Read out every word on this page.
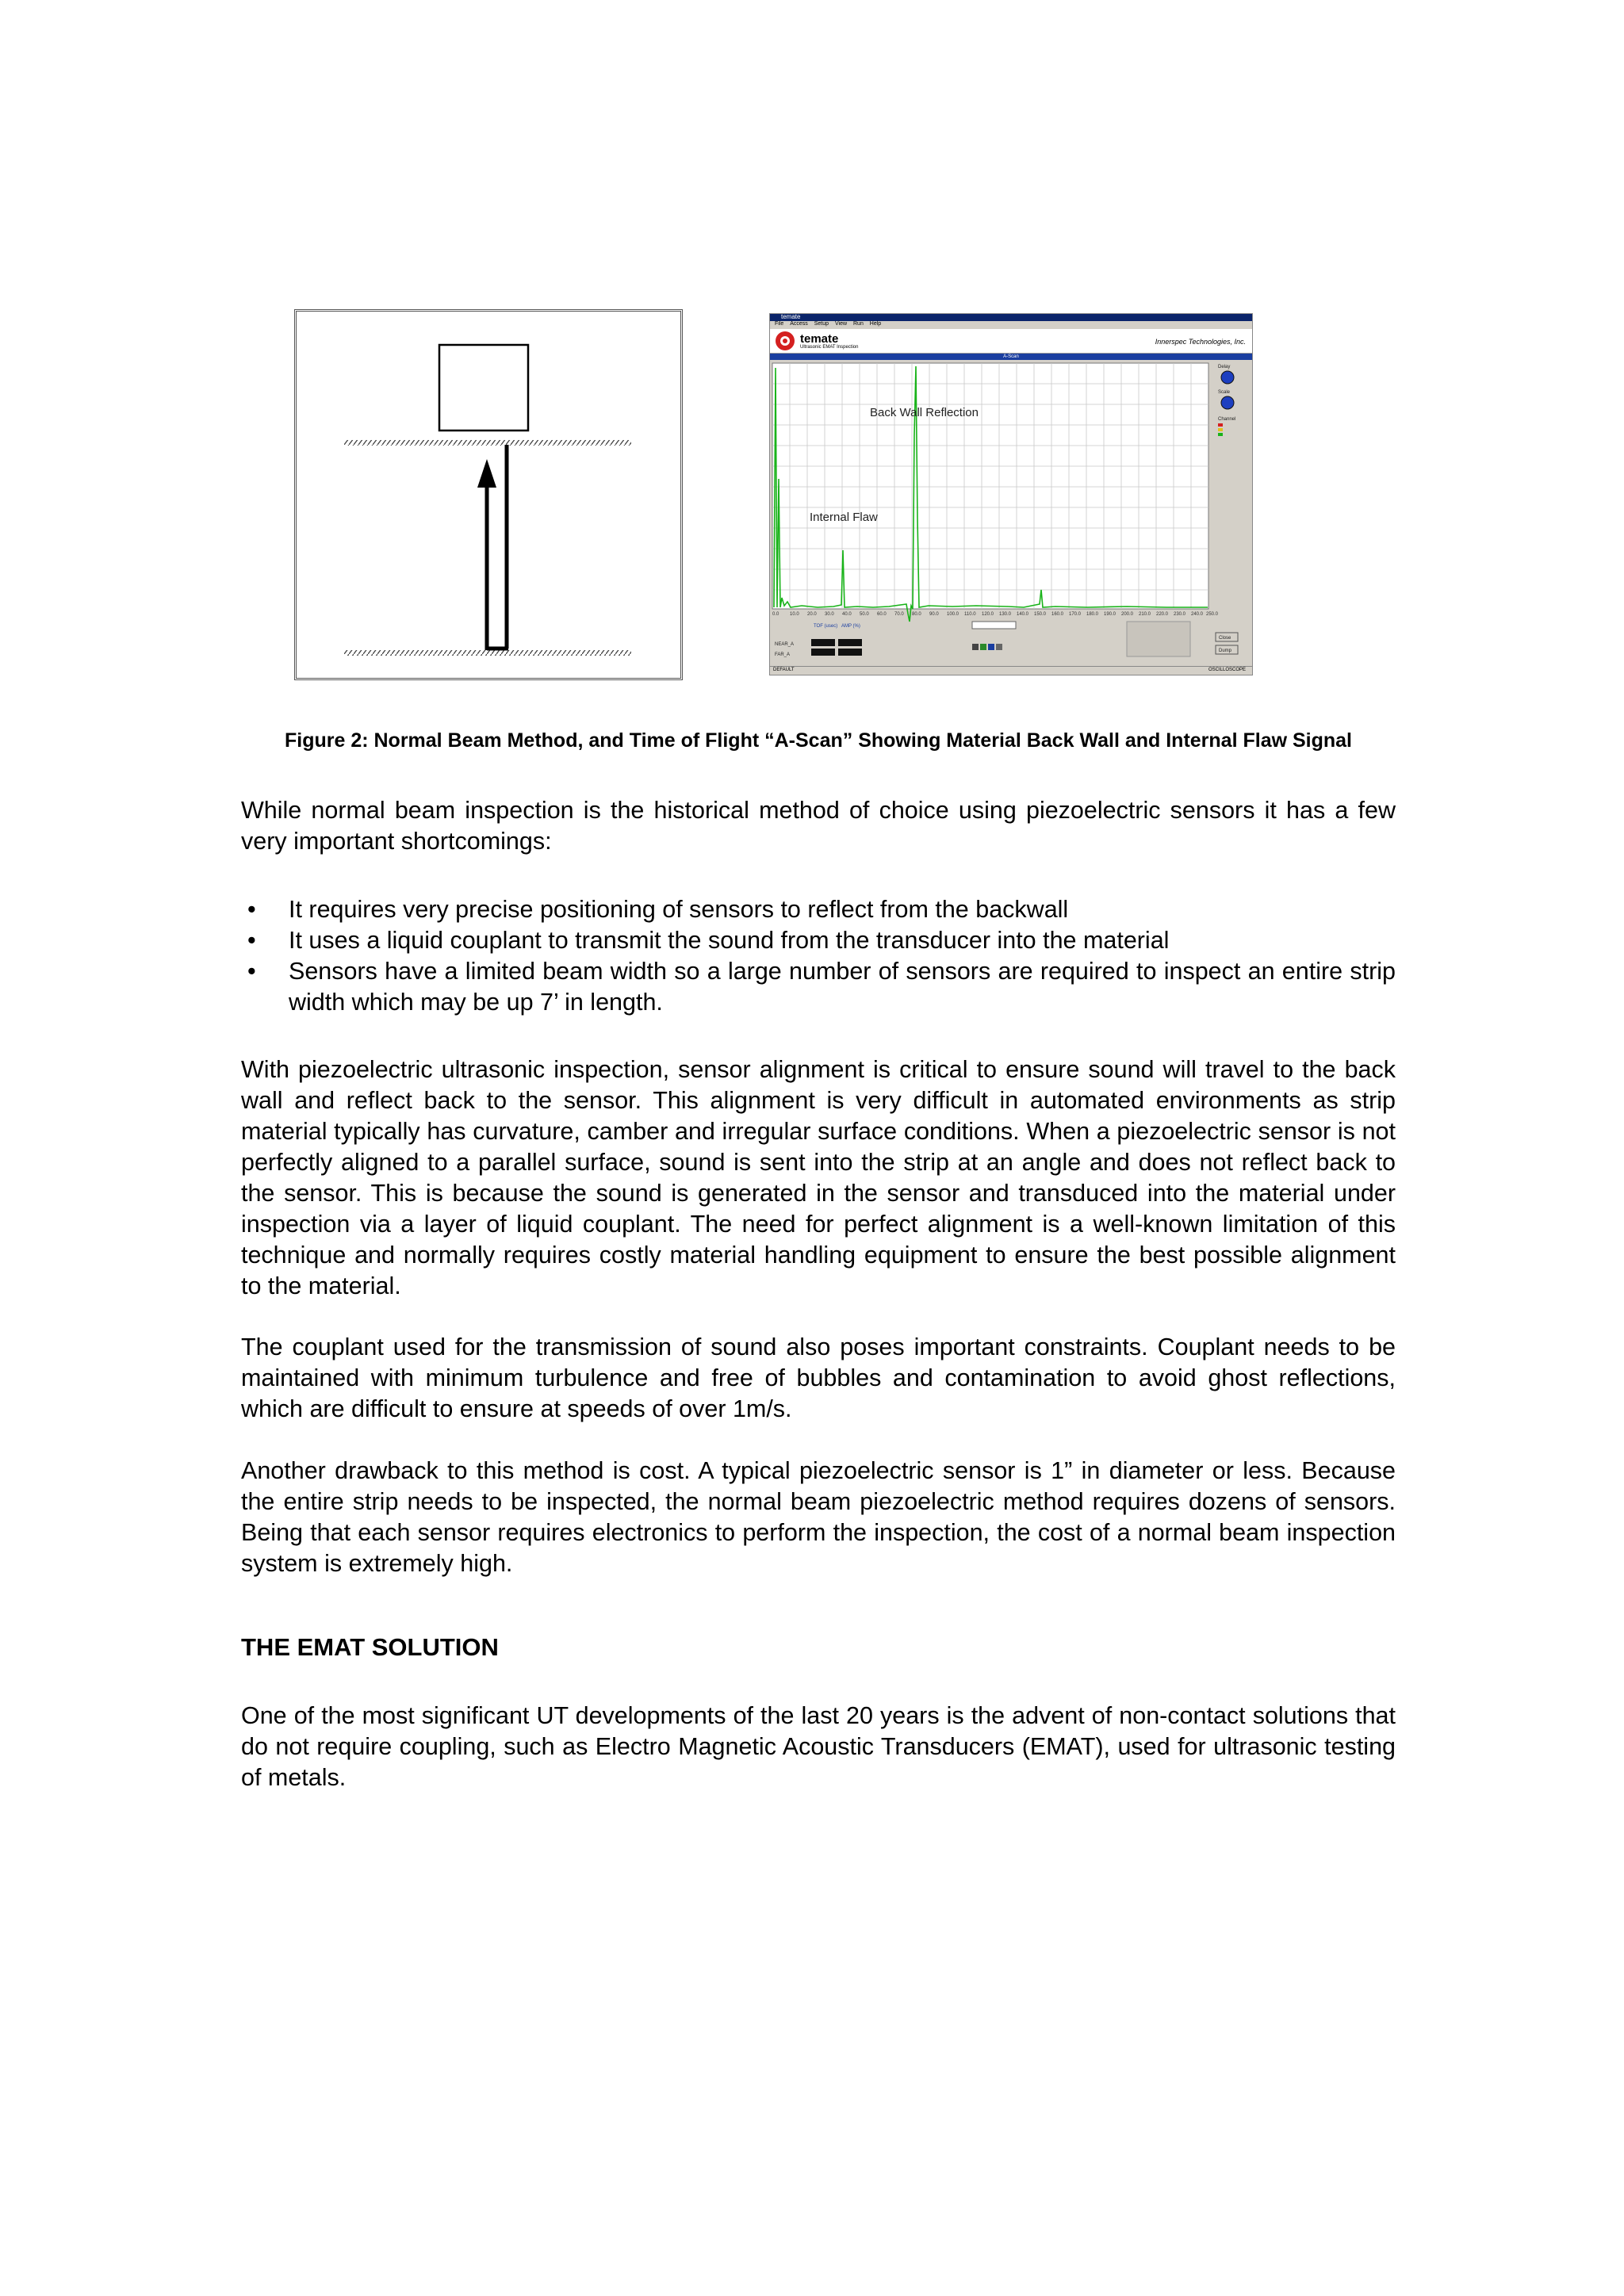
temate
File Access Setup View Run Help
temate
Ultrasonic EMAT Inspection
Innerspec Technologies, Inc.
A-Scan
Back Wall Reflection
Internal Flaw
0.0 10.0 20.0 30.0 40.0 50.0 60.0 70.0 80.0 90.0 100.0 110.0 120.0 130.0 140.0 150.0 160.0 170.0 180.0 190.0 200.0 210.0 220.0 230.0 240.0 250.0
Delay
Scale
Channel
NEAR_A
FAR_A
TOF (usec) AMP (%)
Close
Dump
DEFAULT	OSCILLOSCOPE
Figure 2: Normal Beam Method, and Time of Flight “A-Scan” Showing Material Back Wall and Internal Flaw Signal
While normal beam inspection is the historical method of choice using piezoelectric sensors it has a few very important shortcomings:
• It requires very precise positioning of sensors to reflect from the backwall
• It uses a liquid couplant to transmit the sound from the transducer into the material
• Sensors have a limited beam width so a large number of sensors are required to inspect an entire strip width which may be up 7’ in length.
With piezoelectric ultrasonic inspection, sensor alignment is critical to ensure sound will travel to the back wall and reflect back to the sensor. This alignment is very difficult in automated environments as strip material typically has curvature, camber and irregular surface conditions. When a piezoelectric sensor is not perfectly aligned to a parallel surface, sound is sent into the strip at an angle and does not reflect back to the sensor. This is because the sound is generated in the sensor and transduced into the material under inspection via a layer of liquid couplant. The need for perfect alignment is a well-known limitation of this technique and normally requires costly material handling equipment to ensure the best possible alignment to the material.
The couplant used for the transmission of sound also poses important constraints. Couplant needs to be maintained with minimum turbulence and free of bubbles and contamination to avoid ghost reflections, which are difficult to ensure at speeds of over 1m/s.
Another drawback to this method is cost. A typical piezoelectric sensor is 1” in diameter or less. Because the entire strip needs to be inspected, the normal beam piezoelectric method requires dozens of sensors. Being that each sensor requires electronics to perform the inspection, the cost of a normal beam inspection system is extremely high.
THE EMAT SOLUTION
One of the most significant UT developments of the last 20 years is the advent of non-contact solutions that do not require coupling, such as Electro Magnetic Acoustic Transducers (EMAT), used for ultrasonic testing of metals.
